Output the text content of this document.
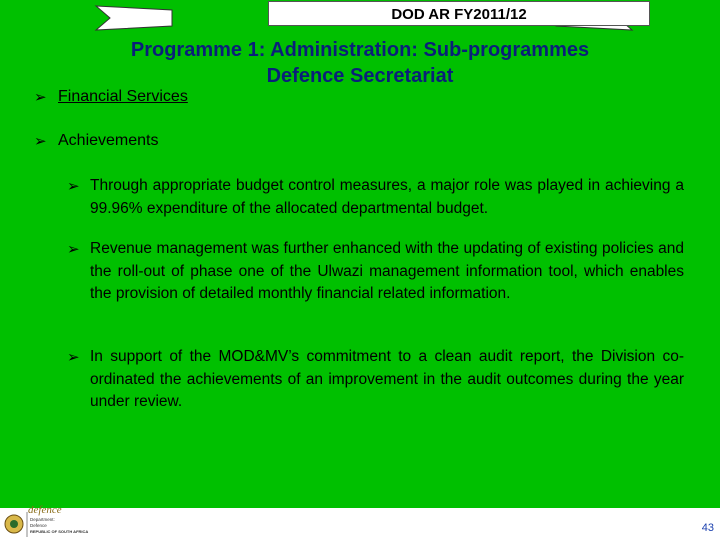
DOD AR FY2011/12
Programme 1: Administration: Sub-programmes
Defence Secretariat
➢ Financial Services
➢ Achievements
➢ Through appropriate budget control measures, a major role was played in achieving a 99.96% expenditure of the allocated departmental budget.
➢ Revenue management was further enhanced with the updating of existing policies and the roll-out of phase one of the Ulwazi management information tool, which enables the provision of detailed monthly financial related information.
➢ In support of the MOD&MV’s commitment to a clean audit report, the Division co-ordinated the achievements of an improvement in the audit outcomes during the year under review.
defence
Department:
Defence
REPUBLIC OF SOUTH AFRICA	43
